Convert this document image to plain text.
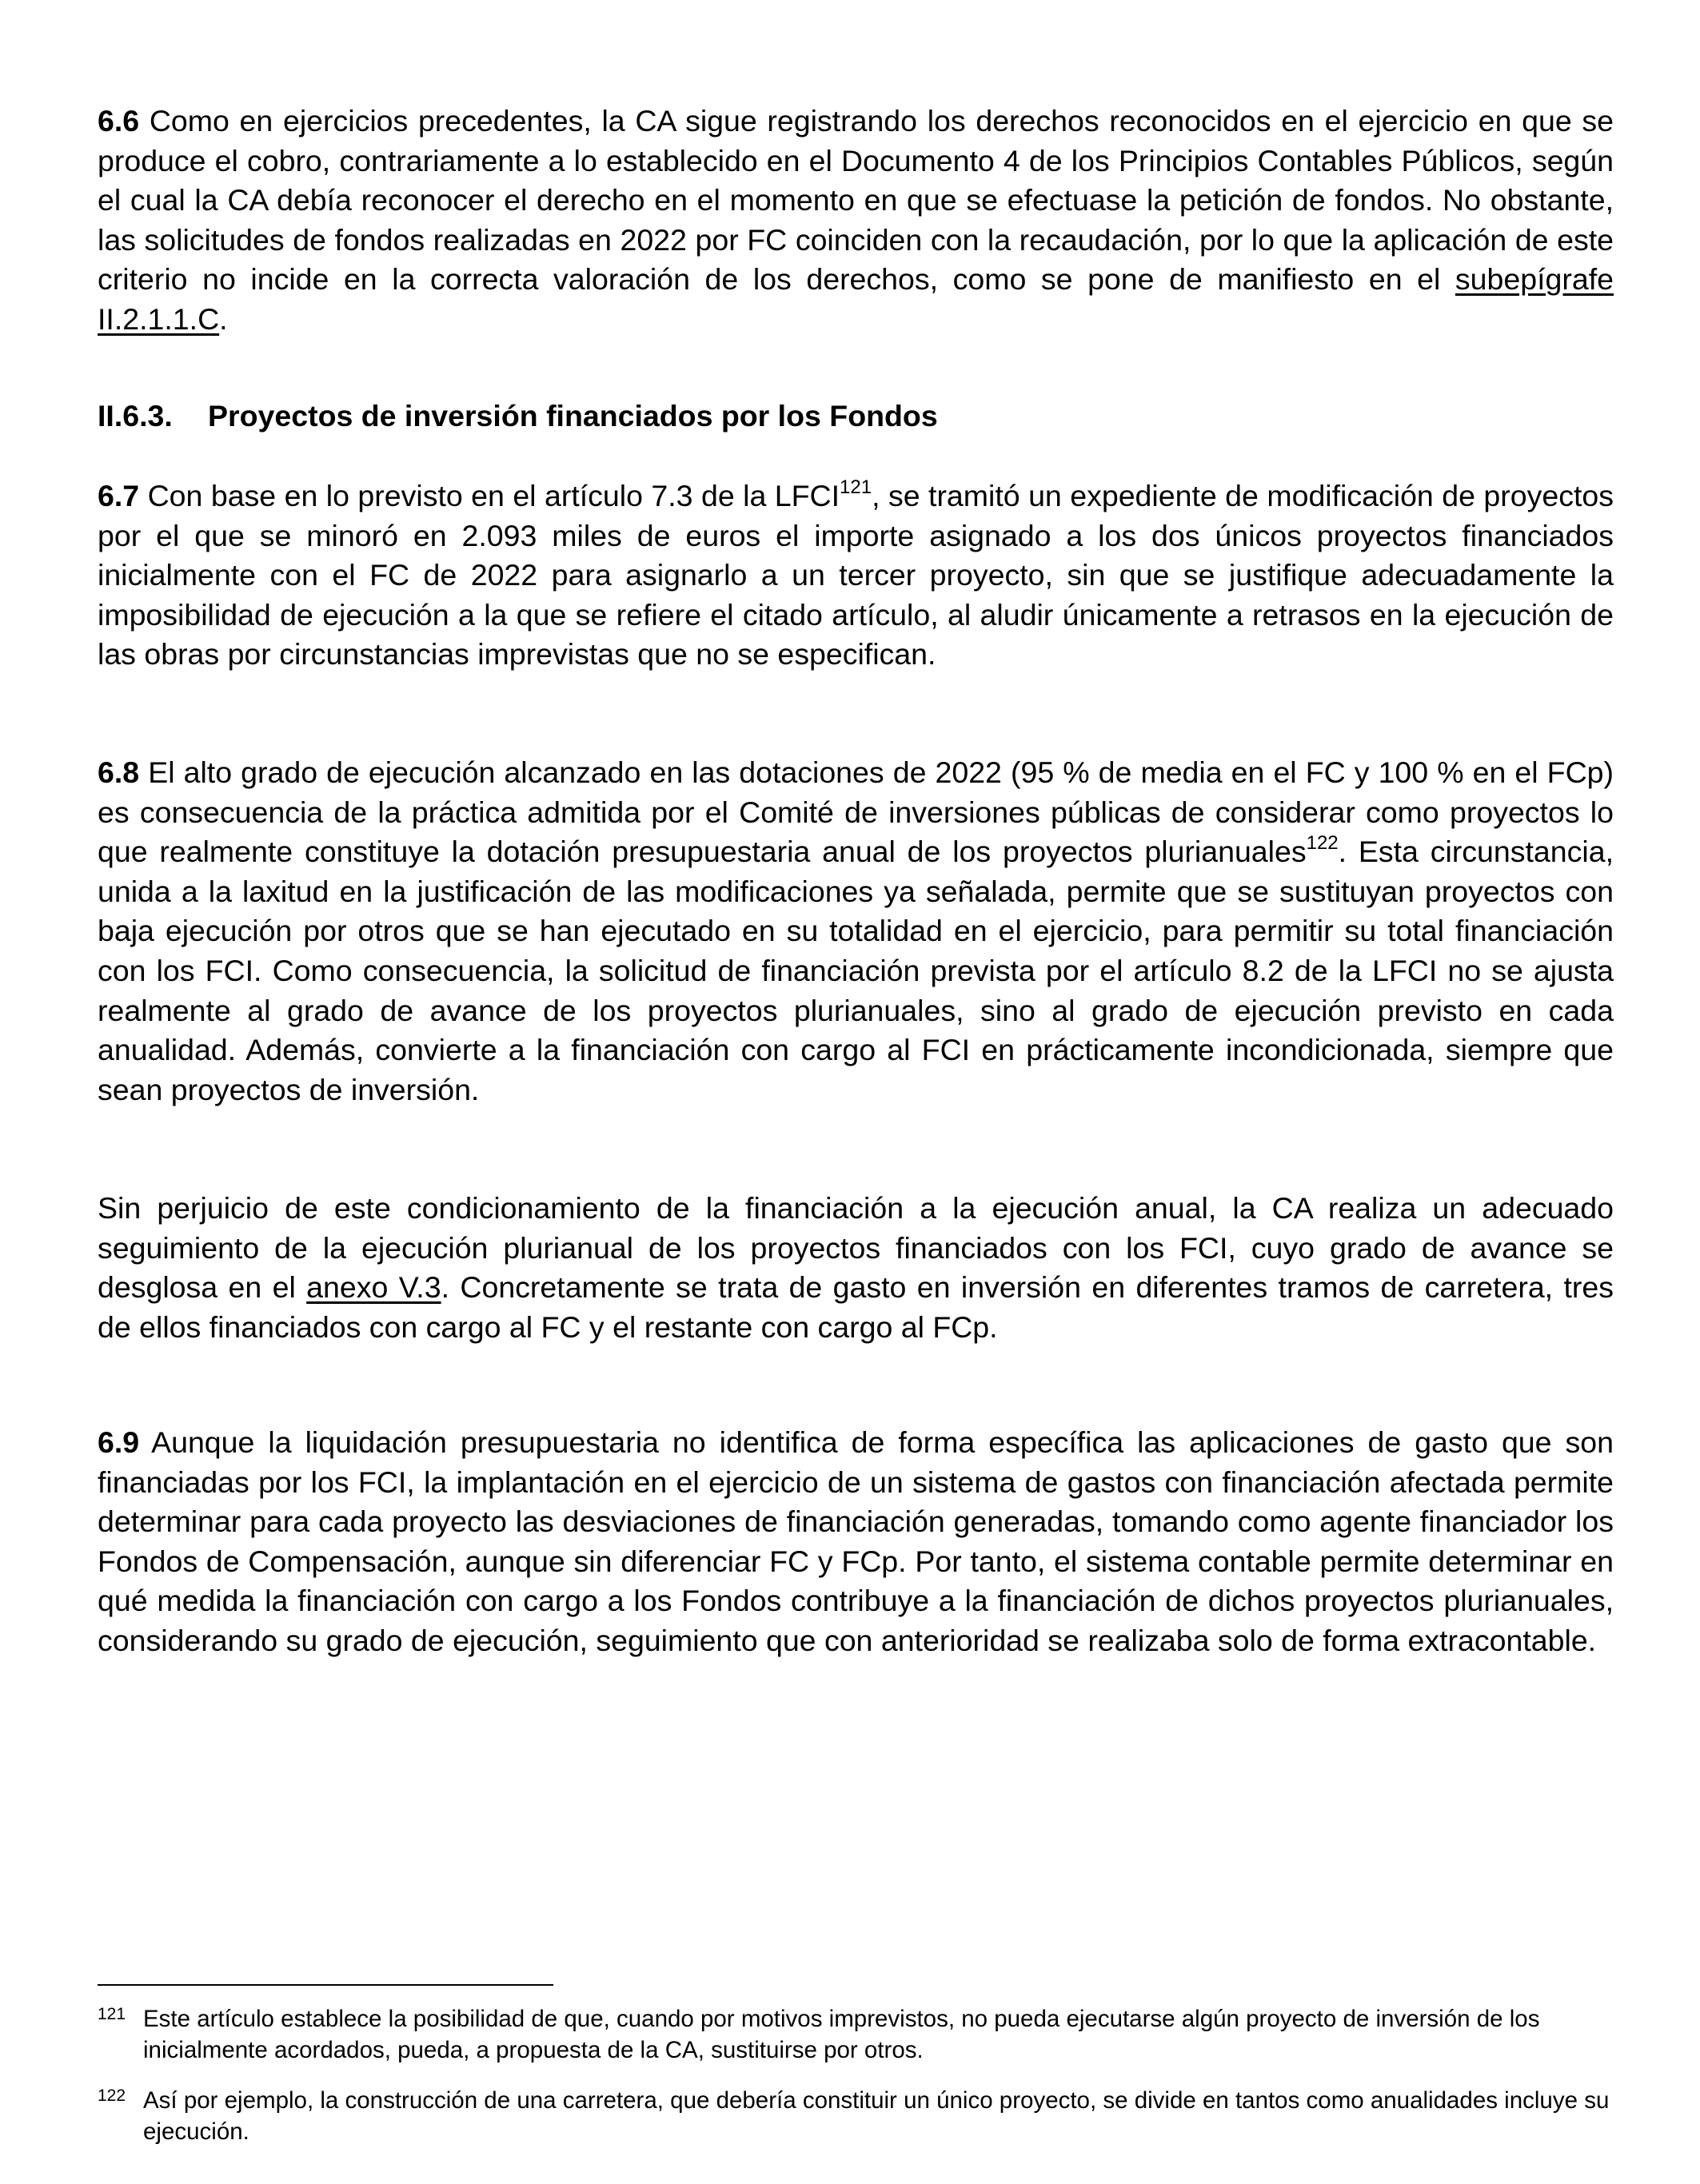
6.6 Como en ejercicios precedentes, la CA sigue registrando los derechos reconocidos en el ejercicio en que se produce el cobro, contrariamente a lo establecido en el Documento 4 de los Principios Contables Públicos, según el cual la CA debía reconocer el derecho en el momento en que se efectuase la petición de fondos. No obstante, las solicitudes de fondos realizadas en 2022 por FC coinciden con la recaudación, por lo que la aplicación de este criterio no incide en la correcta valoración de los derechos, como se pone de manifiesto en el subepígrafe II.2.1.1.C.

II.6.3. Proyectos de inversión financiados por los Fondos

6.7 Con base en lo previsto en el artículo 7.3 de la LFCI$^{121}$, se tramitó un expediente de modificación de proyectos por el que se minoró en 2.093 miles de euros el importe asignado a los dos únicos proyectos financiados inicialmente con el FC de 2022 para asignarlo a un tercer proyecto, sin que se justifique adecuadamente la imposibilidad de ejecución a la que se refiere el citado artículo, al aludir únicamente a retrasos en la ejecución de las obras por circunstancias imprevistas que no se especifican.

6.8 El alto grado de ejecución alcanzado en las dotaciones de 2022 (95 % de media en el FC y 100 % en el FCp) es consecuencia de la práctica admitida por el Comité de inversiones públicas de considerar como proyectos lo que realmente constituye la dotación presupuestaria anual de los proyectos plurianuales$^{122}$. Esta circunstancia, unida a la laxitud en la justificación de las modificaciones ya señalada, permite que se sustituyan proyectos con baja ejecución por otros que se han ejecutado en su totalidad en el ejercicio, para permitir su total financiación con los FCI. Como consecuencia, la solicitud de financiación prevista por el artículo 8.2 de la LFCI no se ajusta realmente al grado de avance de los proyectos plurianuales, sino al grado de ejecución previsto en cada anualidad. Además, convierte a la financiación con cargo al FCI en prácticamente incondicionada, siempre que sean proyectos de inversión.

Sin perjuicio de este condicionamiento de la financiación a la ejecución anual, la CA realiza un adecuado seguimiento de la ejecución plurianual de los proyectos financiados con los FCI, cuyo grado de avance se desglosa en el anexo V.3. Concretamente se trata de gasto en inversión en diferentes tramos de carretera, tres de ellos financiados con cargo al FC y el restante con cargo al FCp.

6.9 Aunque la liquidación presupuestaria no identifica de forma específica las aplicaciones de gasto que son financiadas por los FCI, la implantación en el ejercicio de un sistema de gastos con financiación afectada permite determinar para cada proyecto las desviaciones de financiación generadas, tomando como agente financiador los Fondos de Compensación, aunque sin diferenciar FC y FCp. Por tanto, el sistema contable permite determinar en qué medida la financiación con cargo a los Fondos contribuye a la financiación de dichos proyectos plurianuales, considerando su grado de ejecución, seguimiento que con anterioridad se realizaba solo de forma extracontable.

121 Este artículo establece la posibilidad de que, cuando por motivos imprevistos, no pueda ejecutarse algún proyecto de inversión de los inicialmente acordados, pueda, a propuesta de la CA, sustituirse por otros.

122 Así por ejemplo, la construcción de una carretera, que debería constituir un único proyecto, se divide en tantos como anualidades incluye su ejecución.
